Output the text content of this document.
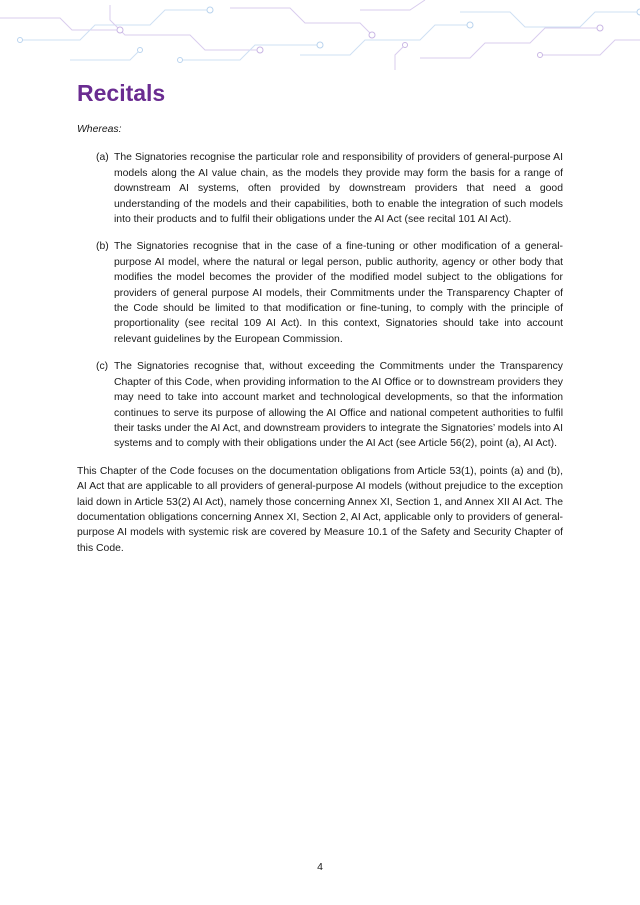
Recitals

Whereas:

(a) The Signatories recognise the particular role and responsibility of providers of general-purpose AI models along the AI value chain, as the models they provide may form the basis for a range of downstream AI systems, often provided by downstream providers that need a good understanding of the models and their capabilities, both to enable the integration of such models into their products and to fulfil their obligations under the AI Act (see recital 101 AI Act).
(b) The Signatories recognise that in the case of a fine-tuning or other modification of a general-purpose AI model, where the natural or legal person, public authority, agency or other body that modifies the model becomes the provider of the modified model subject to the obligations for providers of general purpose AI models, their Commitments under the Transparency Chapter of the Code should be limited to that modification or fine-tuning, to comply with the principle of proportionality (see recital 109 AI Act). In this context, Signatories should take into account relevant guidelines by the European Commission.
(c) The Signatories recognise that, without exceeding the Commitments under the Transparency Chapter of this Code, when providing information to the AI Office or to downstream providers they may need to take into account market and technological developments, so that the information continues to serve its purpose of allowing the AI Office and national competent authorities to fulfil their tasks under the AI Act, and downstream providers to integrate the Signatories’ models into AI systems and to comply with their obligations under the AI Act (see Article 56(2), point (a), AI Act).

This Chapter of the Code focuses on the documentation obligations from Article 53(1), points (a) and (b), AI Act that are applicable to all providers of general-purpose AI models (without prejudice to the exception laid down in Article 53(2) AI Act), namely those concerning Annex XI, Section 1, and Annex XII AI Act. The documentation obligations concerning Annex XI, Section 2, AI Act, applicable only to providers of general-purpose AI models with systemic risk are covered by Measure 10.1 of the Safety and Security Chapter of this Code.

4
